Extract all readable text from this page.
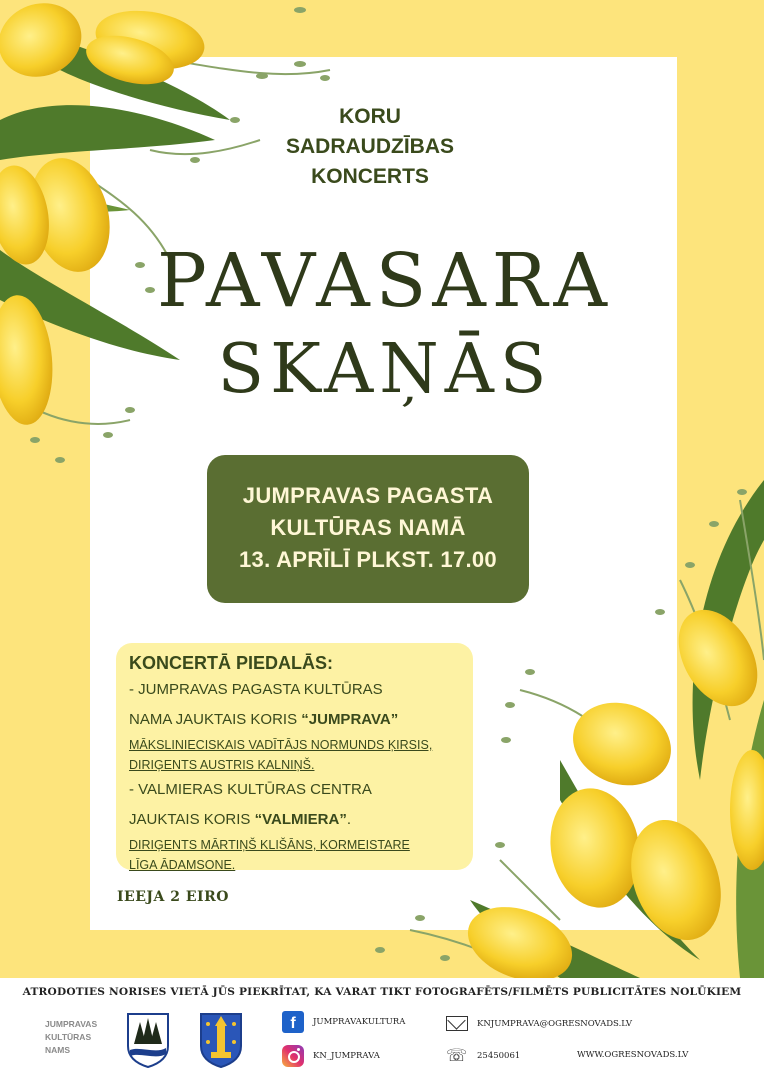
KORU
SADRAUDZĪBAS
KONCERTS
PAVASARA
SKAŅĀS
JUMPRAVAS PAGASTA
KULTŪRAS NAMĀ
13. APRĪLĪ PLKST. 17.00
KONCERTĀ PIEDALĀS:
- JUMPRAVAS PAGASTA KULTŪRAS
NAMA JAUKTAIS KORIS “JUMPRAVA”
MĀKSLINIECISKAIS VADĪTĀJS NORMUNDS ĶIRSIS,
DIRIĢENTS AUSTRIS KALNIŅŠ.
- VALMIERAS KULTŪRAS CENTRA
JAUKTAIS KORIS “VALMIERA”.
DIRIĢENTS MĀRTIŅŠ KLIŠĀNS, KORMEISTARE
LĪGA ĀDAMSONE.
IEEJA 2 EIRO
ATRODOTIES NORISES VIETĀ JŪS PIEKRĪTAT, KA VARAT TIKT FOTOGRAFĒTS/FILMĒTS PUBLICITĀTES NOLŪKIEM
JUMPRAVAS
KULTŪRAS
NAMS
f	JUMPRAVAKULTURA
KN_JUMPRAVA
KNJUMPRAVA@OGRESNOVADS.LV
☏ 25450061	WWW.OGRESNOVADS.LV
